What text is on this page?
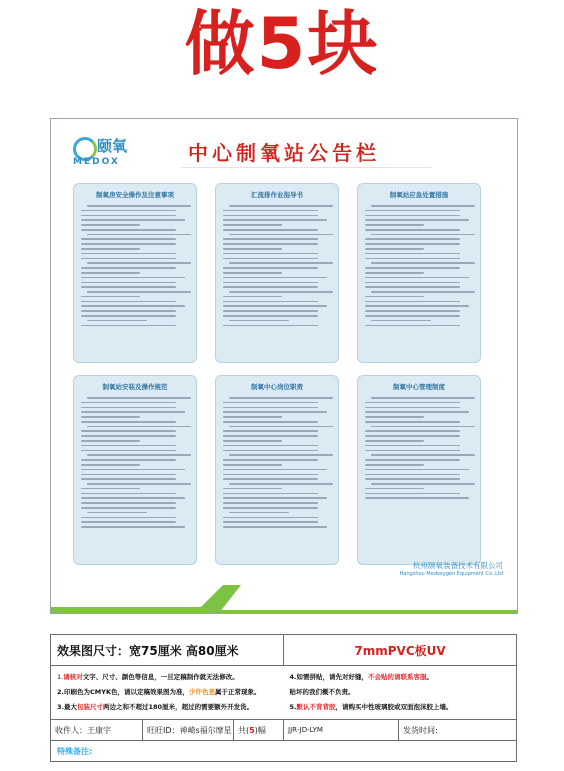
做5块
颐氧
MEDOX	中心制氧站公告栏
制氧房安全操作及注意事项	汇流排作业指导书	制氧站应急处置措施
制氧站安装及操作规范	制氧中心岗位职责	制氧中心管理制度
杭州颐氧装备技术有限公司
Hangzhou Medoxygen Equipment Co.,Ltd
效果图尺寸：宽75厘米 高80厘米	7mmPVC板UV

1.请核对文字、尺寸、颜色等信息，一旦定稿制作就无法修改。
2.印刷色为CMYK色，请以定稿效果图为准，少许色差属于正常现象。
3.最大包装尺寸两边之和不超过180厘米，超过的需要额外开发货。

4.如需拼贴，请先对好缝，不会贴的请联系客服。
贴坏的我们概不负责。
5.默认不背背胶，请购买中性玻璃胶或双面泡沫胶上墙。

收件人：王康宇	旺旺ID：神崎s福尔摩星	共(5)幅	JJR-JD-LYM	发货时间:
特殊备注:
